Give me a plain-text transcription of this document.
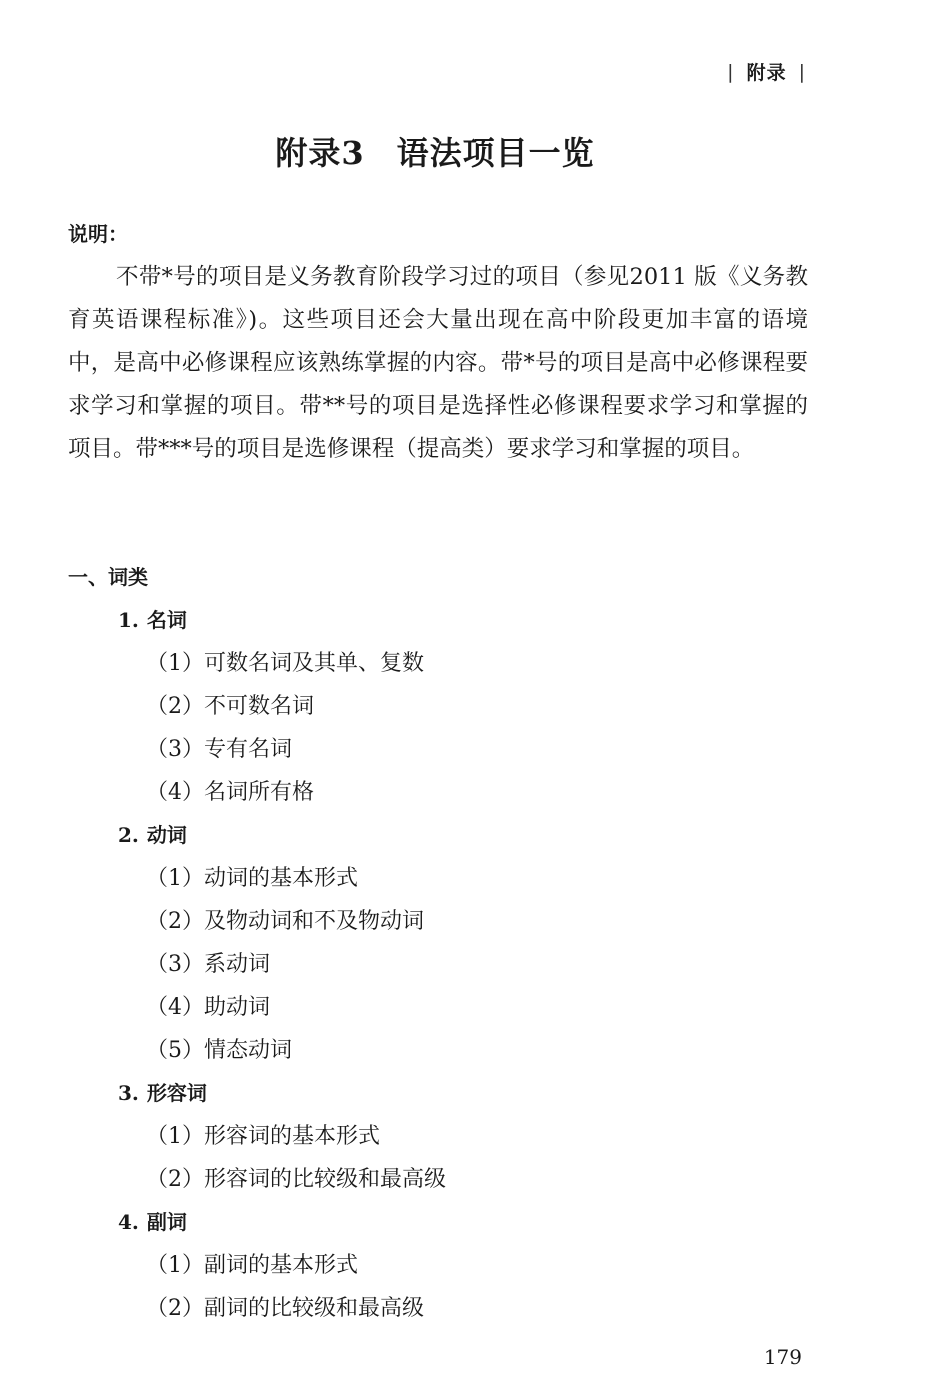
| 附录 |
附录3 语法项目一览
说明：

不带*号的项目是义务教育阶段学习过的项目（参见2011 版《义务教育英语课程标准》)。这些项目还会大量出现在高中阶段更加丰富的语境中，是高中必修课程应该熟练掌握的内容。带*号的项目是高中必修课程要求学习和掌握的项目。带**号的项目是选择性必修课程要求学习和掌握的项目。带***号的项目是选修课程（提高类）要求学习和掌握的项目。

一、词类
1. 名词
（1）可数名词及其单、复数
（2）不可数名词
（3）专有名词
（4）名词所有格
2. 动词
（1）动词的基本形式
（2）及物动词和不及物动词
（3）系动词
（4）助动词
（5）情态动词
3. 形容词
（1）形容词的基本形式
（2）形容词的比较级和最高级
4. 副词
（1）副词的基本形式
（2）副词的比较级和最高级
179
